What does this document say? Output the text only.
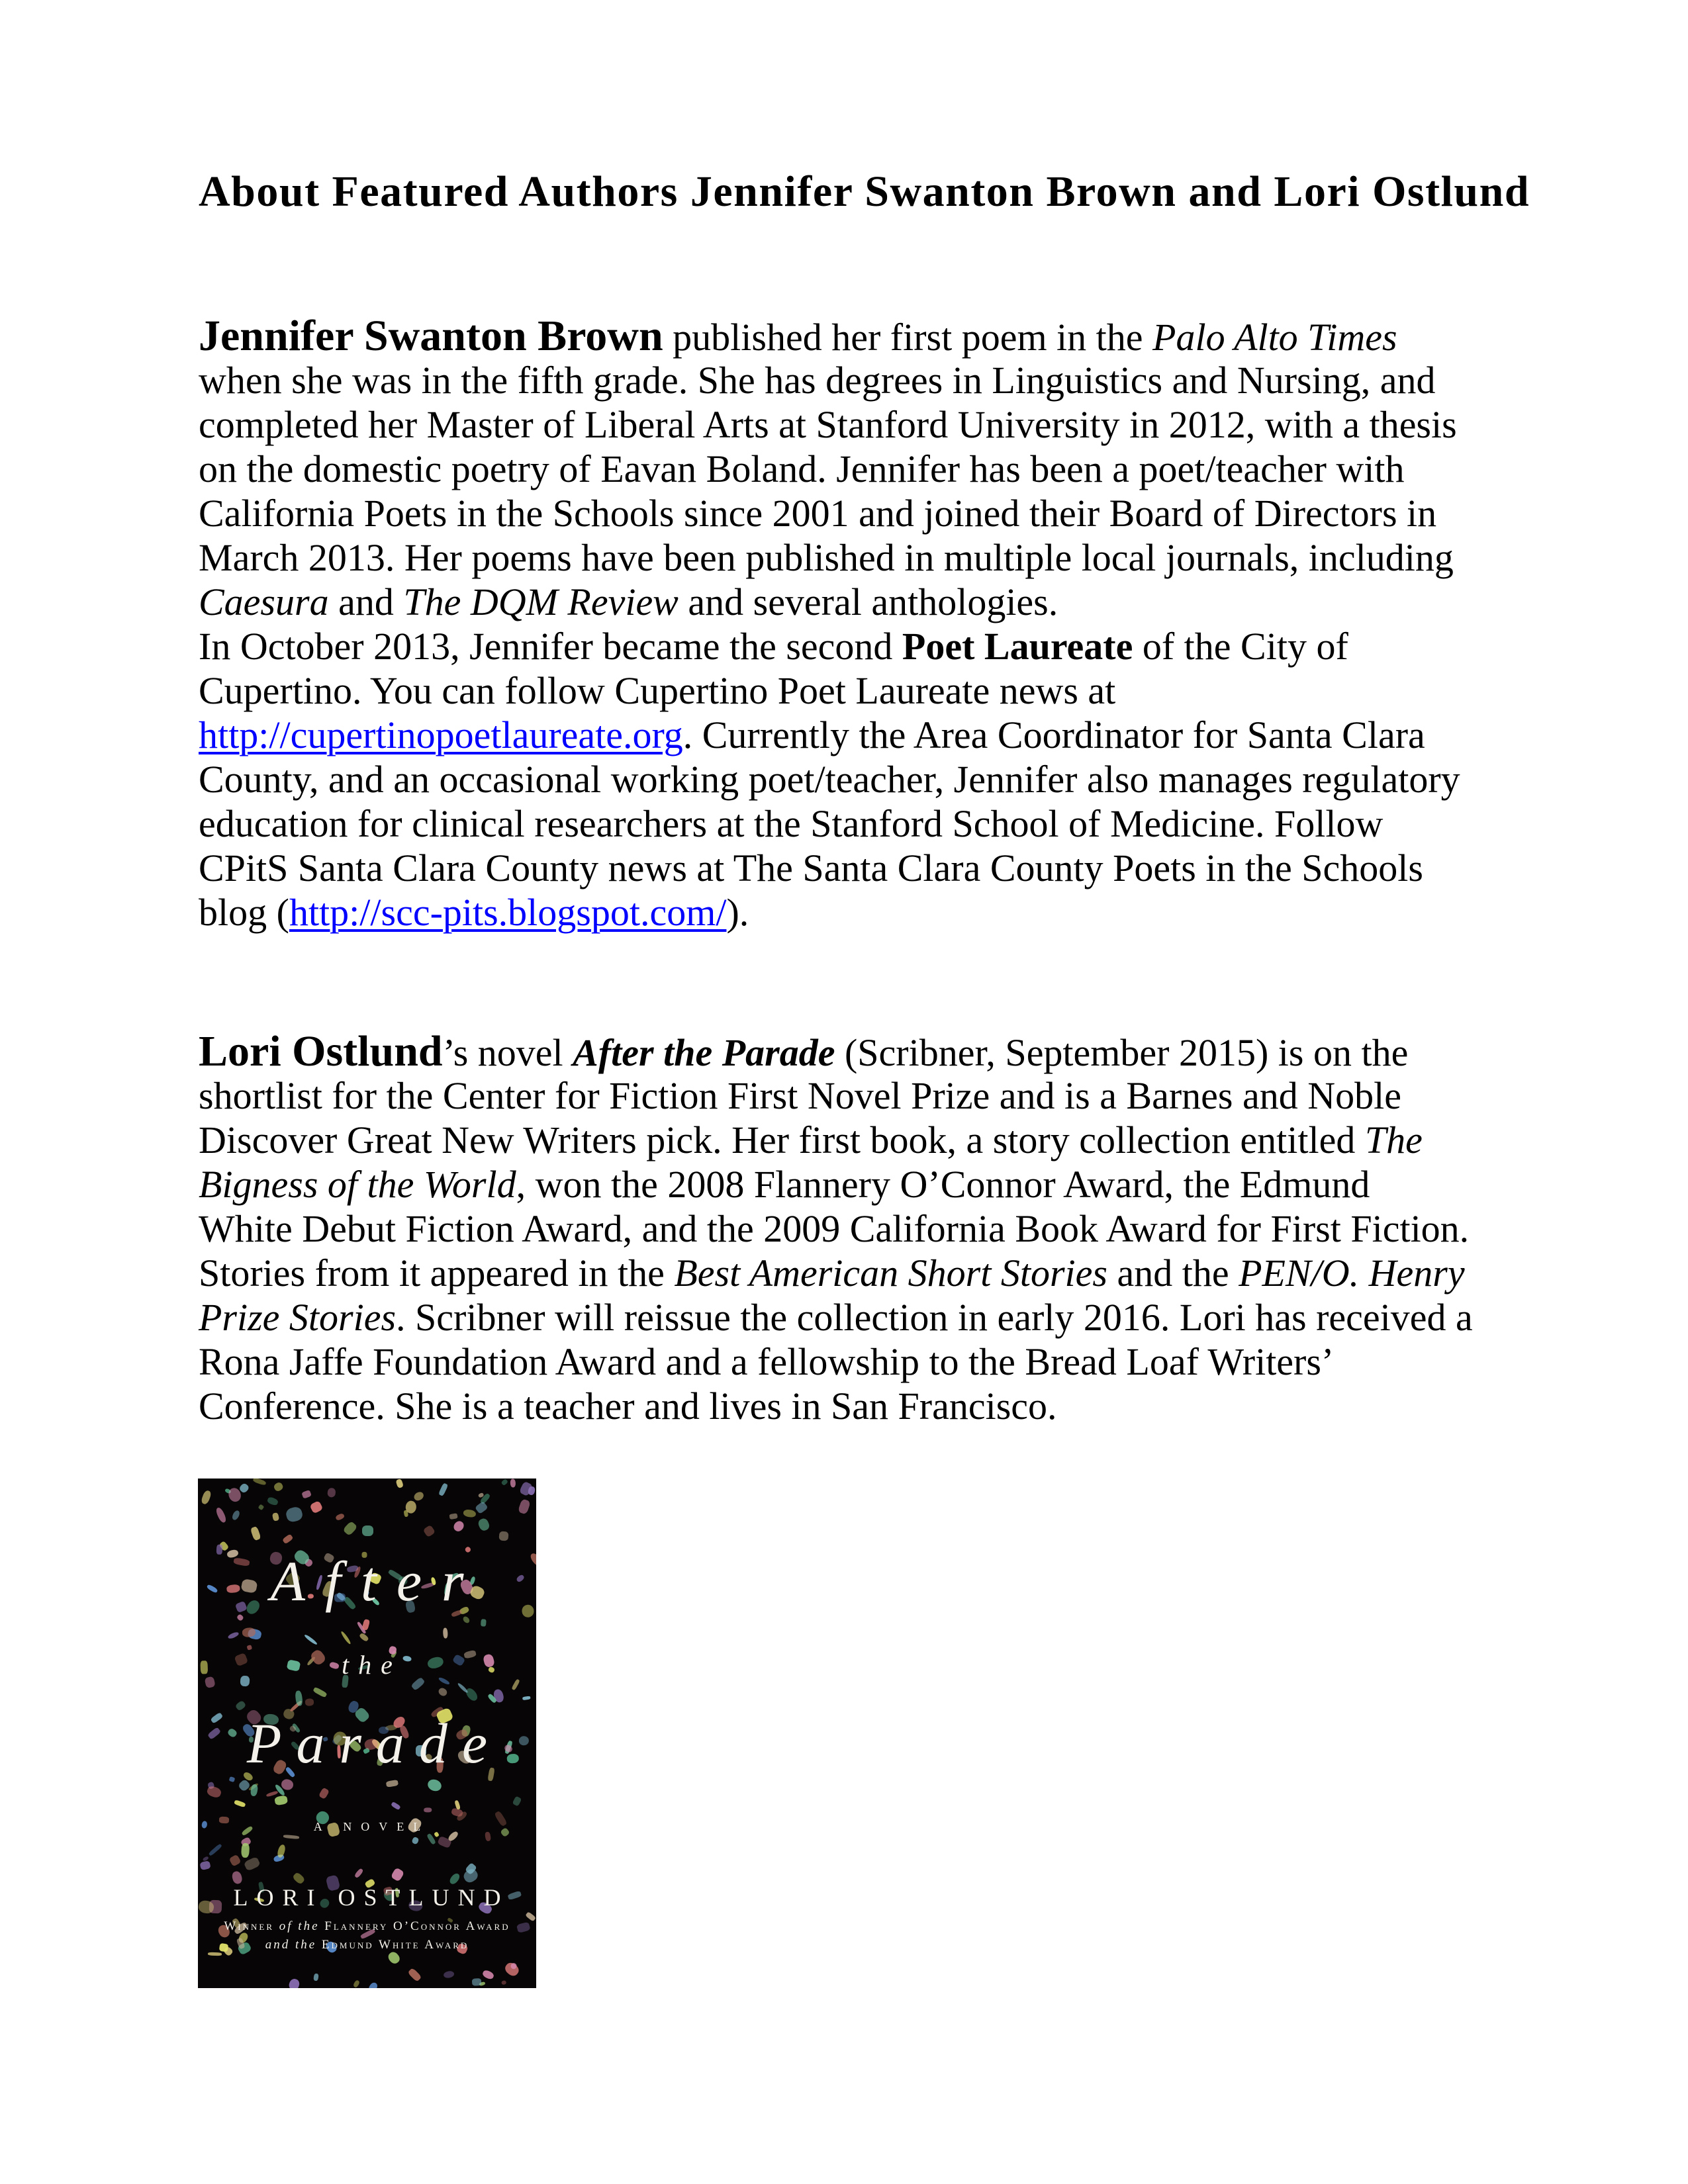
About Featured Authors Jennifer Swanton Brown and Lori Ostlund

Jennifer Swanton Brown published her first poem in the Palo Alto Times
when she was in the fifth grade. She has degrees in Linguistics and Nursing, and
completed her Master of Liberal Arts at Stanford University in 2012, with a thesis
on the domestic poetry of Eavan Boland. Jennifer has been a poet/teacher with
California Poets in the Schools since 2001 and joined their Board of Directors in
March 2013. Her poems have been published in multiple local journals, including
Caesura and The DQM Review and several anthologies.
In October 2013, Jennifer became the second Poet Laureate of the City of
Cupertino. You can follow Cupertino Poet Laureate news at
http://cupertinopoetlaureate.org. Currently the Area Coordinator for Santa Clara
County, and an occasional working poet/teacher, Jennifer also manages regulatory
education for clinical researchers at the Stanford School of Medicine. Follow
CPitS Santa Clara County news at The Santa Clara County Poets in the Schools
blog (http://scc-pits.blogspot.com/).

Lori Ostlund’s novel After the Parade (Scribner, September 2015) is on the
shortlist for the Center for Fiction First Novel Prize and is a Barnes and Noble
Discover Great New Writers pick. Her first book, a story collection entitled The
Bigness of the World, won the 2008 Flannery O’Connor Award, the Edmund
White Debut Fiction Award, and the 2009 California Book Award for First Fiction.
Stories from it appeared in the Best American Short Stories and the PEN/O. Henry
Prize Stories. Scribner will reissue the collection in early 2016. Lori has received a
Rona Jaffe Foundation Award and a fellowship to the Bread Loaf Writers’
Conference. She is a teacher and lives in San Francisco.

After
the
Parade
A NOVEL
LORI OSTLUND
Winner of the Flannery O’Connor Award
and the Edmund White Award
